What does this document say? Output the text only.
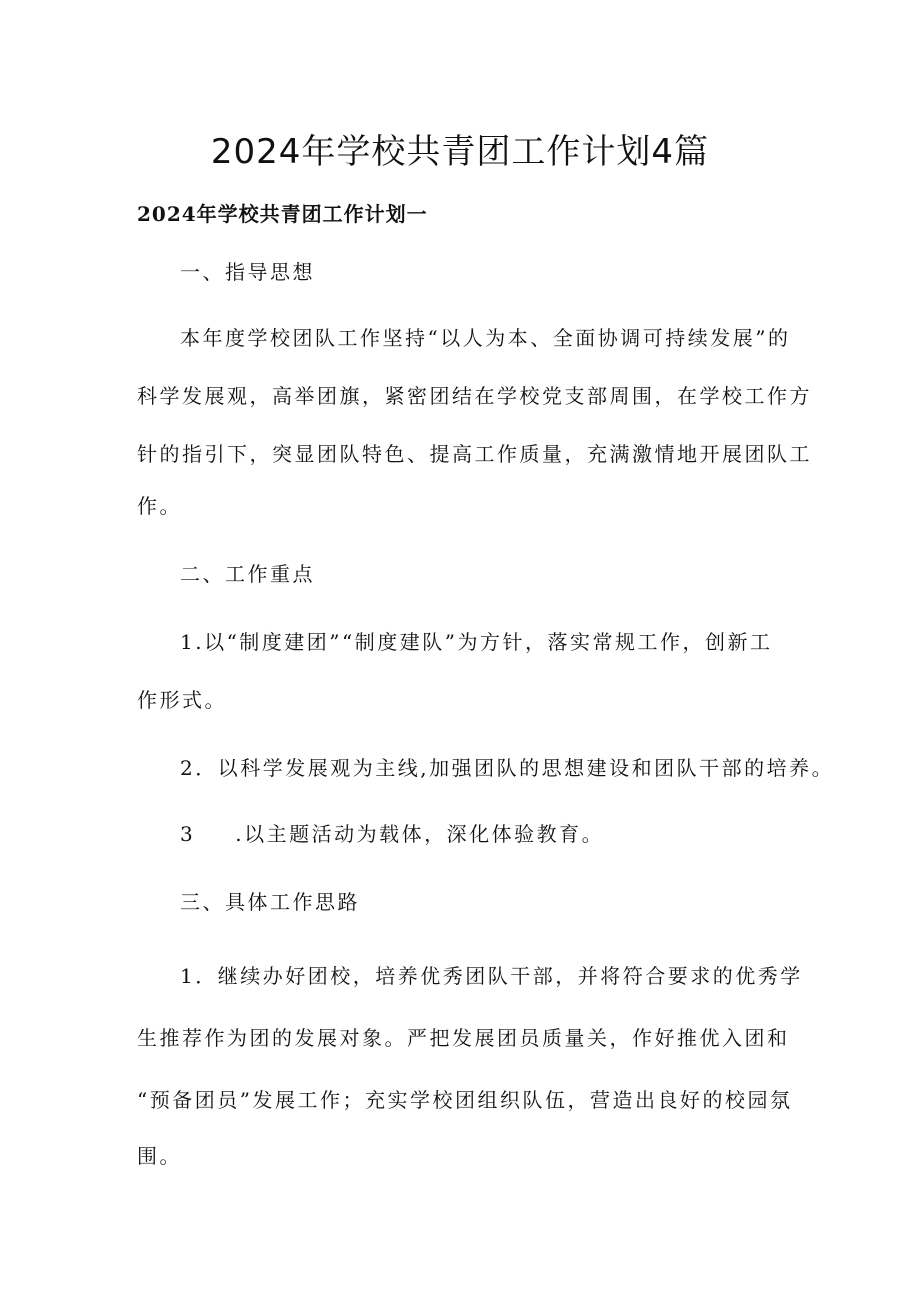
2024年学校共青团工作计划4篇

2024年学校共青团工作计划一

一、指导思想

本年度学校团队工作坚持“以人为本、全面协调可持续发展”的

科学发展观，高举团旗，紧密团结在学校党支部周围，在学校工作方

针的指引下，突显团队特色、提高工作质量，充满激情地开展团队工

作。

二、工作重点

1.以“制度建团”“制度建队”为方针，落实常规工作，创新工

作形式。

2．以科学发展观为主线,加强团队的思想建设和团队干部的培养。

3 .以主题活动为载体，深化体验教育。

三、具体工作思路

1．继续办好团校，培养优秀团队干部，并将符合要求的优秀学

生推荐作为团的发展对象。严把发展团员质量关，作好推优入团和

“预备团员”发展工作；充实学校团组织队伍，营造出良好的校园氛

围。
